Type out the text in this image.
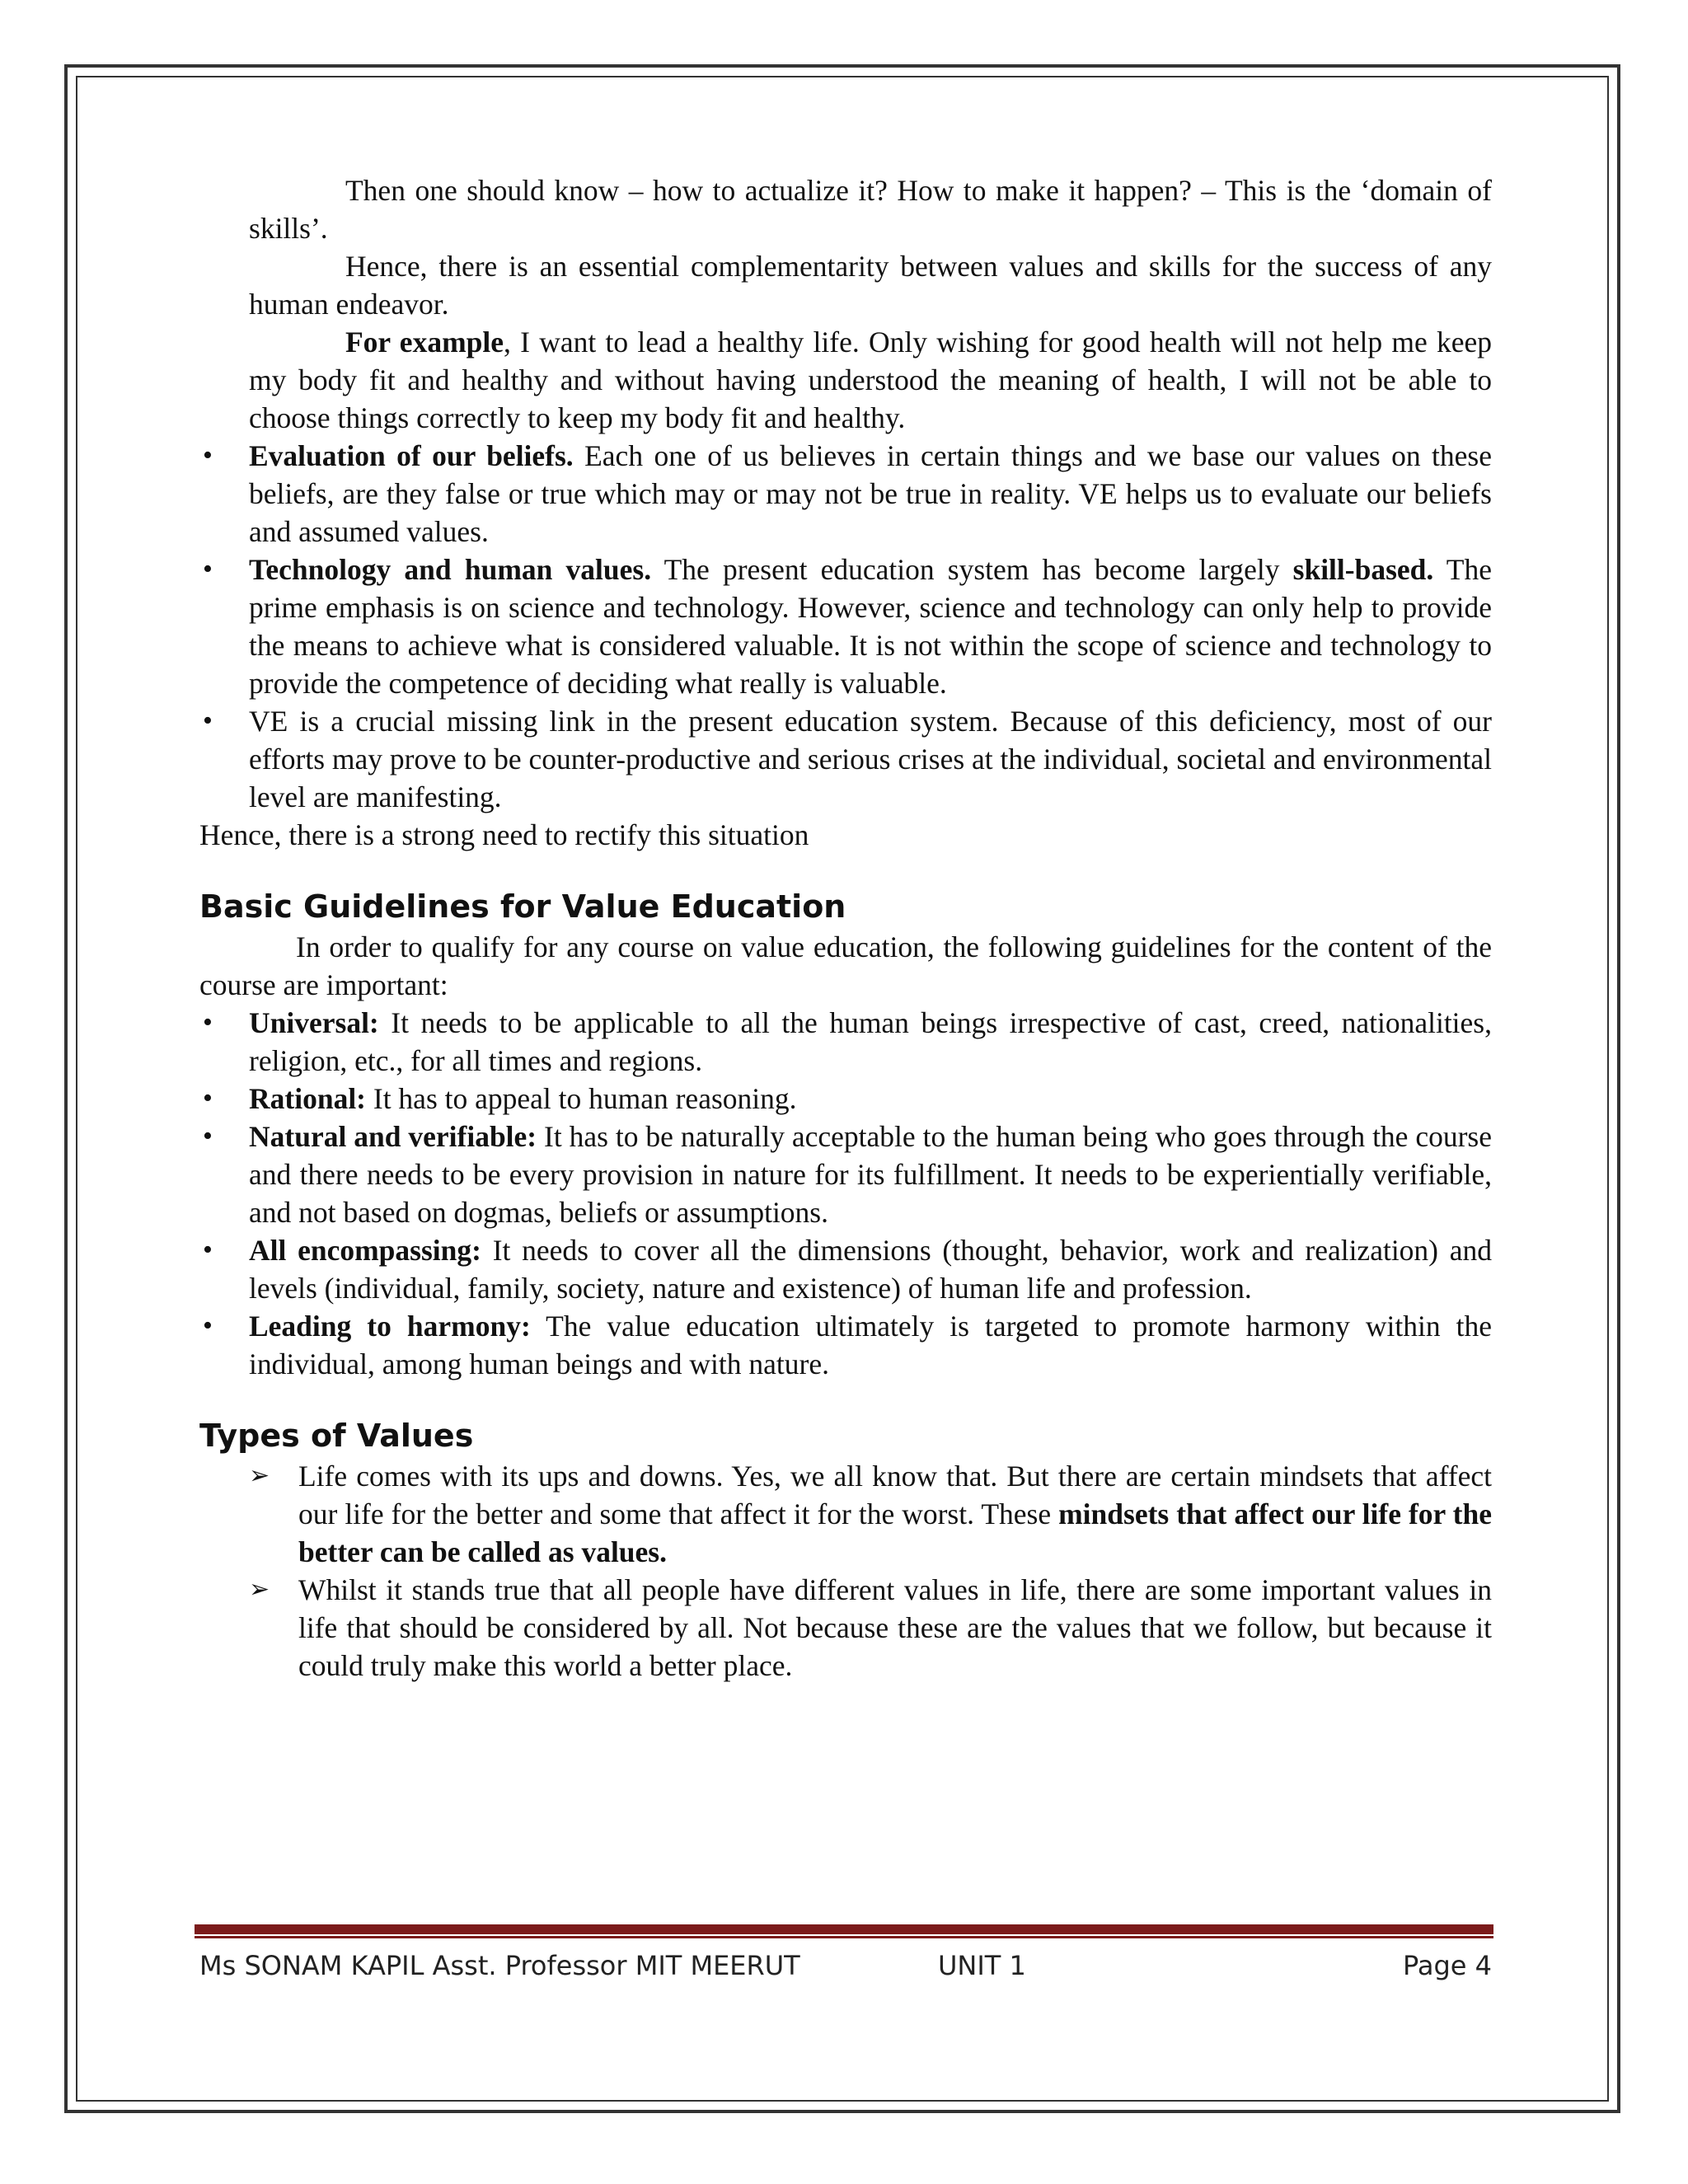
Then one should know – how to actualize it? How to make it happen? – This is the ‘domain of skills’.

Hence, there is an essential complementarity between values and skills for the success of any human endeavor.

For example, I want to lead a healthy life. Only wishing for good health will not help me keep my body fit and healthy and without having understood the meaning of health, I will not be able to choose things correctly to keep my body fit and healthy.

• Evaluation of our beliefs. Each one of us believes in certain things and we base our values on these beliefs, are they false or true which may or may not be true in reality. VE helps us to evaluate our beliefs and assumed values.
• Technology and human values. The present education system has become largely skill-based. The prime emphasis is on science and technology. However, science and technology can only help to provide the means to achieve what is considered valuable. It is not within the scope of science and technology to provide the competence of deciding what really is valuable.
• VE is a crucial missing link in the present education system. Because of this deficiency, most of our efforts may prove to be counter-productive and serious crises at the individual, societal and environmental level are manifesting.

Hence, there is a strong need to rectify this situation

Basic Guidelines for Value Education

In order to qualify for any course on value education, the following guidelines for the content of the course are important:

• Universal: It needs to be applicable to all the human beings irrespective of cast, creed, nationalities, religion, etc., for all times and regions.
• Rational: It has to appeal to human reasoning.
• Natural and verifiable: It has to be naturally acceptable to the human being who goes through the course and there needs to be every provision in nature for its fulfillment. It needs to be experientially verifiable, and not based on dogmas, beliefs or assumptions.
• All encompassing: It needs to cover all the dimensions (thought, behavior, work and realization) and levels (individual, family, society, nature and existence) of human life and profession.
• Leading to harmony: The value education ultimately is targeted to promote harmony within the individual, among human beings and with nature.
Types of Values
➢ Life comes with its ups and downs. Yes, we all know that. But there are certain mindsets that affect our life for the better and some that affect it for the worst. These mindsets that affect our life for the better can be called as values.
➢ Whilst it stands true that all people have different values in life, there are some important values in life that should be considered by all. Not because these are the values that we follow, but because it could truly make this world a better place.
Ms SONAM KAPIL Asst. Professor MIT MEERUT	UNIT 1	Page 4
